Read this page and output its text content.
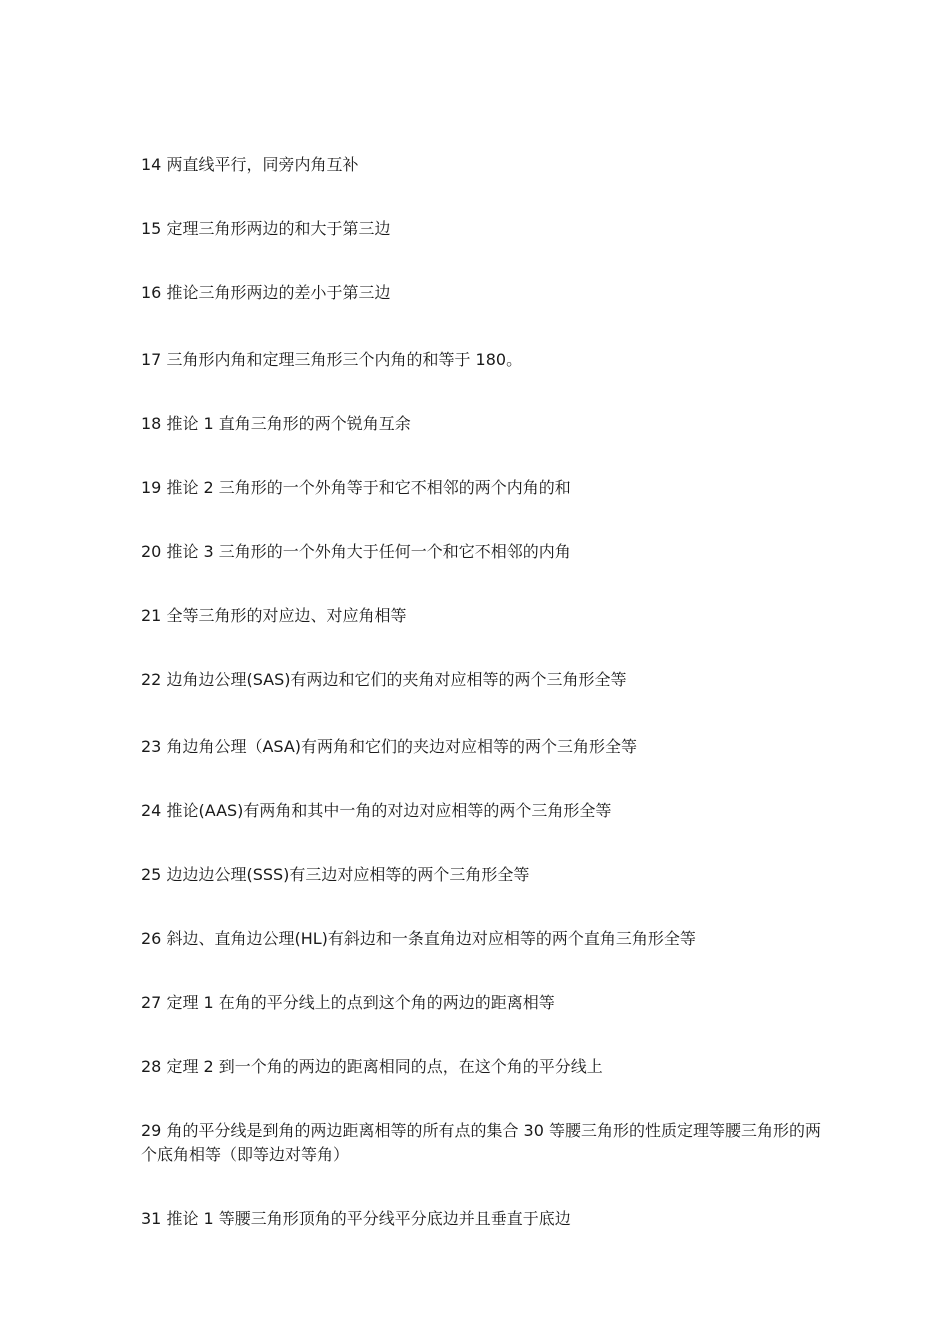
14 两直线平行，同旁内角互补
15 定理三角形两边的和大于第三边
16 推论三角形两边的差小于第三边
17 三角形内角和定理三角形三个内角的和等于 180。
18 推论 1 直角三角形的两个锐角互余
19 推论 2 三角形的一个外角等于和它不相邻的两个内角的和
20 推论 3 三角形的一个外角大于任何一个和它不相邻的内角
21 全等三角形的对应边、对应角相等
22 边角边公理(SAS)有两边和它们的夹角对应相等的两个三角形全等
23 角边角公理（ASA)有两角和它们的夹边对应相等的两个三角形全等
24 推论(AAS)有两角和其中一角的对边对应相等的两个三角形全等
25 边边边公理(SSS)有三边对应相等的两个三角形全等
26 斜边、直角边公理(HL)有斜边和一条直角边对应相等的两个直角三角形全等
27 定理 1 在角的平分线上的点到这个角的两边的距离相等
28 定理 2 到一个角的两边的距离相同的点，在这个角的平分线上
29 角的平分线是到角的两边距离相等的所有点的集合 30 等腰三角形的性质定理等腰三角形的两个底角相等（即等边对等角）
31 推论 1 等腰三角形顶角的平分线平分底边并且垂直于底边
